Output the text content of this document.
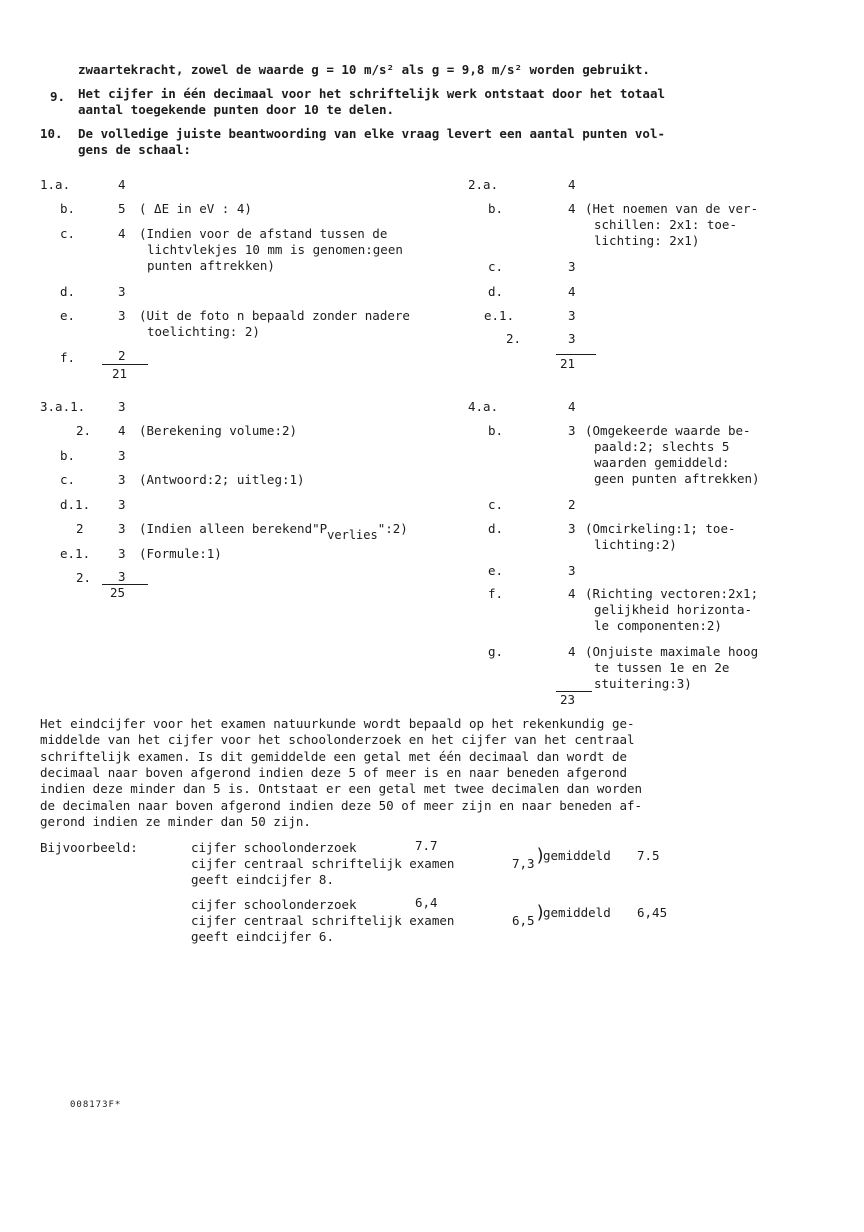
zwaartekracht, zowel de waarde g = 10 m/s² als g = 9,8 m/s² worden gebruikt.
9. Het cijfer in één decimaal voor het schriftelijk werk ontstaat door het totaal
aantal toegekende punten door 10 te delen.
10. De volledige juiste beantwoording van elke vraag levert een aantal punten vol-
gens de schaal:
1.a.	4
b.	5 ( ΔE in eV : 4)
c.	4 (Indien voor de afstand tussen de
lichtvlekjes 10 mm is genomen:geen
punten aftrekken)
d.	3
e.	3 (Uit de foto n bepaald zonder nadere
toelichting: 2)
f.	2
21
2.a.	4
b.	4 (Het noemen van de ver-
schillen: 2x1: toe-
lichting: 2x1)
c.	3
d.	4
e.1.	3
2.	3
21
3.a.1.	3
2. 4 (Berekening volume:2)
b.	3
c.	3 (Antwoord:2; uitleg:1)
d.1. 3
2	3 (Indien alleen berekend"Pverlies":2)
e.1. 3 (Formule:1)
2. 3
25
4.a.	4
b.	3 (Omgekeerde waarde be-
paald:2; slechts 5
waarden gemiddeld:
geen punten aftrekken)
c.	2
d.	3 (Omcirkeling:1; toe-
lichting:2)
e.	3
f.	4 (Richting vectoren:2x1;
gelijkheid horizonta-
le componenten:2)
g.	4 (Onjuiste maximale hoog
te tussen 1e en 2e
stuitering:3)
23
Het eindcijfer voor het examen natuurkunde wordt bepaald op het rekenkundig ge-
middelde van het cijfer voor het schoolonderzoek en het cijfer van het centraal
schriftelijk examen. Is dit gemiddelde een getal met één decimaal dan wordt de
decimaal naar boven afgerond indien deze 5 of meer is en naar beneden afgerond
indien deze minder dan 5 is. Ontstaat er een getal met twee decimalen dan worden
de decimalen naar boven afgerond indien deze 50 of meer zijn en naar beneden af-
gerond indien ze minder dan 50 zijn.
Bijvoorbeeld:	cijfer schoolonderzoek	7.7
cijfer centraal schriftelijk examen	7,3 )
gemiddeld 7.5
geeft eindcijfer 8.
cijfer schoolonderzoek	6,4
cijfer centraal schriftelijk examen	6,5 )
gemiddeld 6,45
geeft eindcijfer 6.
008173F*
